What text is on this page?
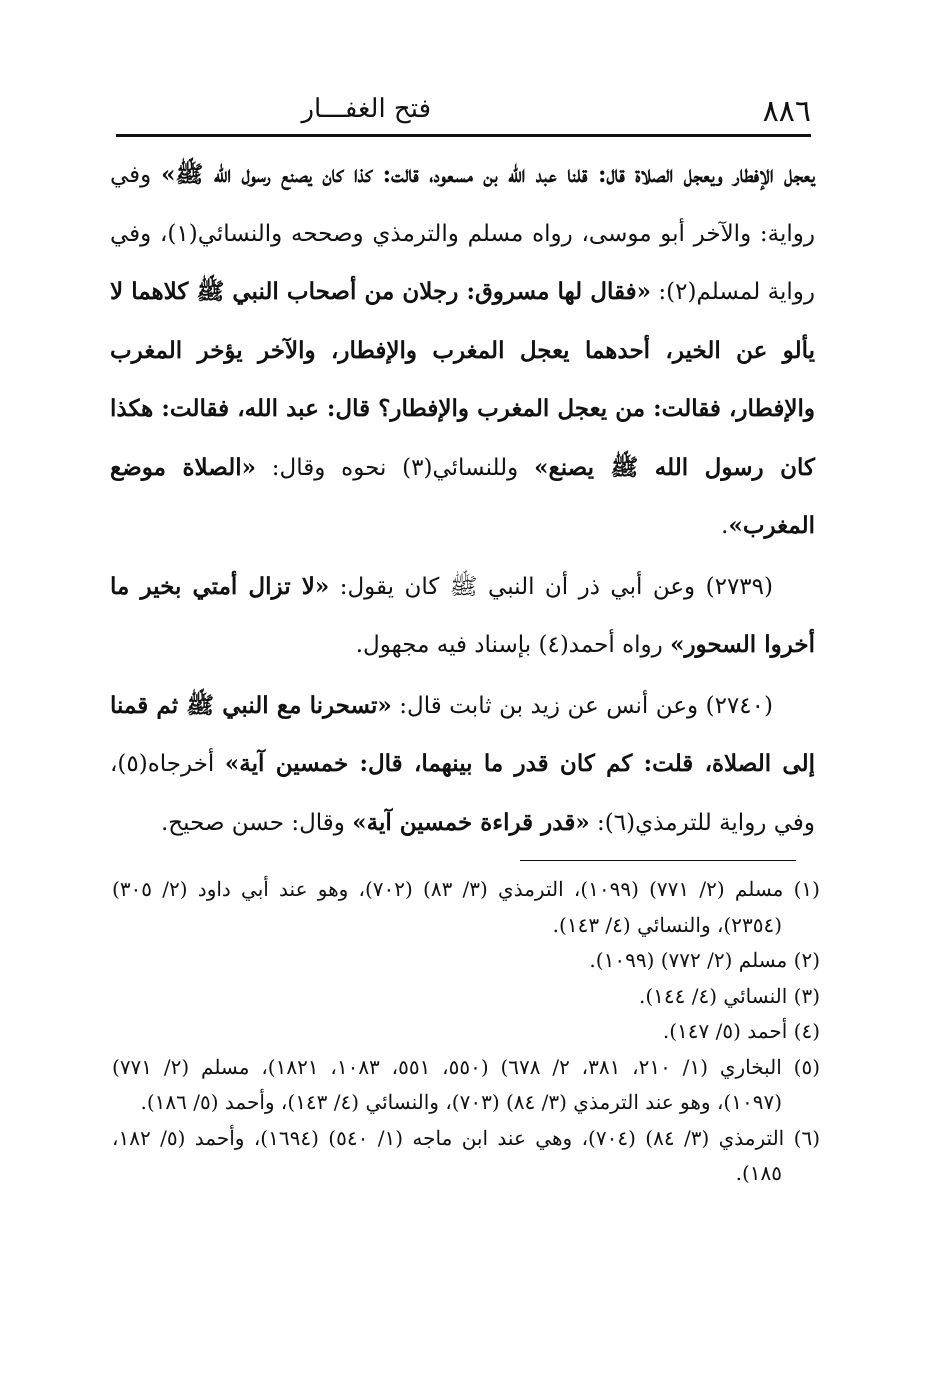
٨٨٦
فتح الغفـــار

يعجل الإفطار ويعجل الصلاة قال: قلنا عبد الله بن مسعود، قالت: كذا كان يصنع رسول الله ﷺ» وفي رواية: والآخر أبو موسى، رواه مسلم والترمذي وصححه والنسائي(١)، وفي رواية لمسلم(٢): «فقال لها مسروق: رجلان من أصحاب النبي ﷺ كلاهما لا يألو عن الخير، أحدهما يعجل المغرب والإفطار، والآخر يؤخر المغرب والإفطار، فقالت: من يعجل المغرب والإفطار؟ قال: عبد الله، فقالت: هكذا كان رسول الله ﷺ يصنع» وللنسائي(٣) نحوه وقال: «الصلاة موضع المغرب».

(٢٧٣٩) وعن أبي ذر أن النبي ﷺ كان يقول: «لا تزال أمتي بخير ما أخروا السحور» رواه أحمد(٤) بإسناد فيه مجهول.

(٢٧٤٠) وعن أنس عن زيد بن ثابت قال: «تسحرنا مع النبي ﷺ ثم قمنا إلى الصلاة، قلت: كم كان قدر ما بينهما، قال: خمسين آية» أخرجاه(٥)، وفي رواية للترمذي(٦): «قدر قراءة خمسين آية» وقال: حسن صحيح.

(١) مسلم (٢/ ٧٧١) (١٠٩٩)، الترمذي (٣/ ٨٣) (٧٠٢)، وهو عند أبي داود (٢/ ٣٠٥) (٢٣٥٤)، والنسائي (٤/ ١٤٣).

(٢) مسلم (٢/ ٧٧٢) (١٠٩٩).

(٣) النسائي (٤/ ١٤٤).

(٤) أحمد (٥/ ١٤٧).

(٥) البخاري (١/ ٢١٠، ٣٨١، ٢/ ٦٧٨) (٥٥٠، ٥٥١، ١٠٨٣، ١٨٢١)، مسلم (٢/ ٧٧١) (١٠٩٧)، وهو عند الترمذي (٣/ ٨٤) (٧٠٣)، والنسائي (٤/ ١٤٣)، وأحمد (٥/ ١٨٦).

(٦) الترمذي (٣/ ٨٤) (٧٠٤)، وهي عند ابن ماجه (١/ ٥٤٠) (١٦٩٤)، وأحمد (٥/ ١٨٢، ١٨٥).
